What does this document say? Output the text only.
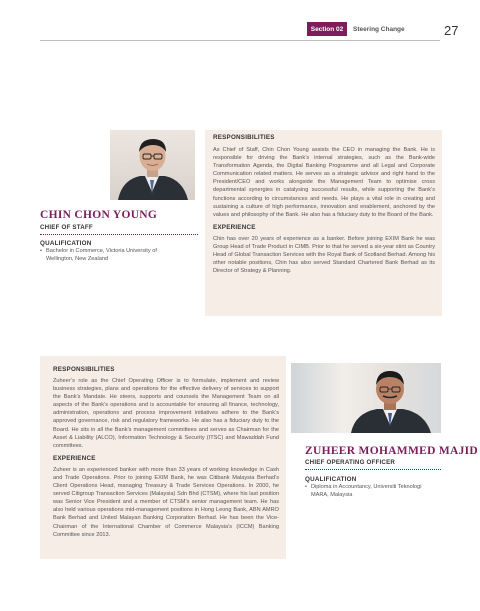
Section 02	Steering Change	27
CHIN CHON YOUNG
CHIEF OF STAFF
QUALIFICATION
• Bachelor in Commerce, Victoria University of
Wellington, New Zealand
RESPONSIBILITIES

As Chief of Staff, Chin Chon Young assists the CEO in managing the Bank. He is responsible for driving the Bank’s internal strategies, such as the Bank-wide Transformation Agenda, the Digital Banking Programme and all Legal and Corporate Communication related matters. He serves as a strategic advisor and right hand to the President/CEO and works alongside the Management Team to optimise cross departmental synergies in catalysing successful results, while supporting the Bank’s functions according to circumstances and needs. He plays a vital role in creating and sustaining a culture of high performance, innovation and enablement, anchored by the values and philosophy of the Bank. He also has a fiduciary duty to the Board of the Bank.

EXPERIENCE

Chin has over 20 years of experience as a banker. Before joining EXIM Bank he was Group Head of Trade Product in CIMB. Prior to that he served a six-year stint as Country Head of Global Transaction Services with the Royal Bank of Scotland Berhad. Among his other notable positions, Chin has also served Standard Chartered Bank Berhad as its Director of Strategy & Planning.

RESPONSIBILITIES

Zuheer’s role as the Chief Operating Officer is to formulate, implement and review business strategies, plans and operations for the effective delivery of services to support the Bank’s Mandate. He steers, supports and counsels the Management Team on all aspects of the Bank’s operations and is accountable for ensuring all finance, technology, administration, operations and process improvement initiatives adhere to the Bank’s approved governance, risk and regulatory frameworks. He also has a fiduciary duty to the Board. He sits in all the Bank’s management committees and serves as Chairman for the Asset & Liability (ALCO), Information Technology & Security (ITSC) and Mawaddah Fund committees.

EXPERIENCE

Zuhеer is an experienced banker with more than 33 years of working knowledge in Cash and Trade Operations. Prior to joining EXIM Bank, he was Citibank Malaysia Berhad’s Client Operations Head, managing Treasury & Trade Services Operations. In 2000, he served Citigroup Transaction Services (Malaysia) Sdn Bhd (CTSM), where his last position was Senior Vice President and a member of CTSM’s senior management team. He has also held various operations mid-management positions in Hong Leong Bank, ABN AMRO Bank Berhad and United Malayan Banking Corporation Berhad. He has been the Vice-Chairman of the International Chamber of Commerce Malaysia’s (ICCM) Banking Committee since 2013.

ZUHEER MOHAMMED MAJID
CHIEF OPERATING OFFICER
QUALIFICATION
• Diploma in Accountancy, Universiti Teknologi
MARA, Malaysia
